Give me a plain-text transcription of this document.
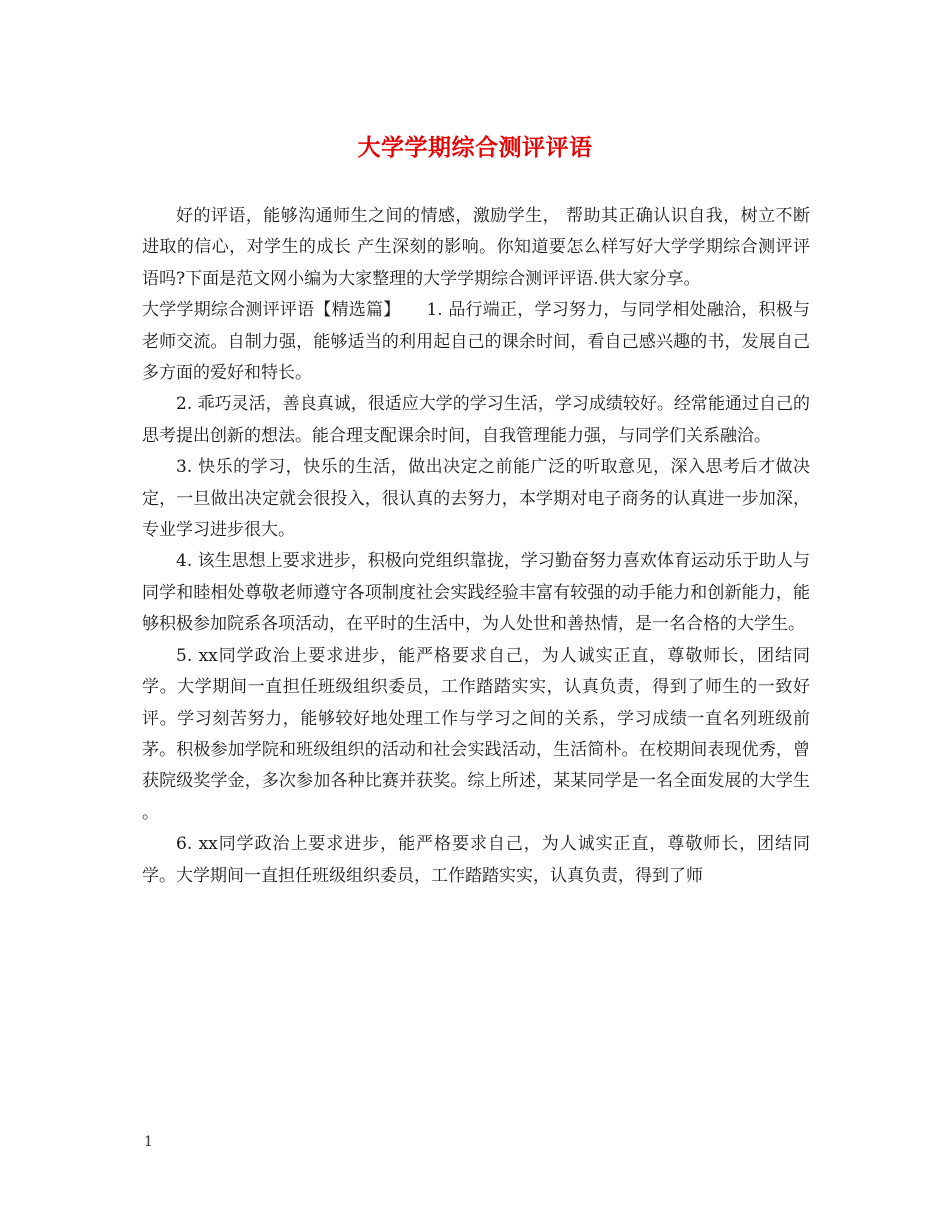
大学学期综合测评评语

好的评语，能够沟通师生之间的情感，激励学生， 帮助其正确认识自我，树立不断进取的信心，对学生的成长 产生深刻的影响。你知道要怎么样写好大学学期综合测评评语吗?下面是范文网小编为大家整理的大学学期综合测评评语.供大家分享。

大学学期综合测评评语【精选篇】　　1. 品行端正，学习努力，与同学相处融洽，积极与老师交流。自制力强，能够适当的利用起自己的课余时间，看自己感兴趣的书，发展自己多方面的爱好和特长。

2. 乖巧灵活，善良真诚，很适应大学的学习生活，学习成绩较好。经常能通过自己的思考提出创新的想法。能合理支配课余时间，自我管理能力强，与同学们关系融洽。

3. 快乐的学习，快乐的生活，做出决定之前能广泛的听取意见，深入思考后才做决定，一旦做出决定就会很投入，很认真的去努力，本学期对电子商务的认真进一步加深，专业学习进步很大。

4. 该生思想上要求进步，积极向党组织靠拢，学习勤奋努力喜欢体育运动乐于助人与同学和睦相处尊敬老师遵守各项制度社会实践经验丰富有较强的动手能力和创新能力，能够积极参加院系各项活动，在平时的生活中，为人处世和善热情，是一名合格的大学生。

5. xx同学政治上要求进步，能严格要求自己，为人诚实正直，尊敬师长，团结同学。大学期间一直担任班级组织委员，工作踏踏实实，认真负责，得到了师生的一致好评。学习刻苦努力，能够较好地处理工作与学习之间的关系，学习成绩一直名列班级前茅。积极参加学院和班级组织的活动和社会实践活动，生活简朴。在校期间表现优秀，曾获院级奖学金，多次参加各种比赛并获奖。综上所述，某某同学是一名全面发展的大学生 。

6. xx同学政治上要求进步，能严格要求自己，为人诚实正直，尊敬师长，团结同学。大学期间一直担任班级组织委员，工作踏踏实实，认真负责，得到了师

1
